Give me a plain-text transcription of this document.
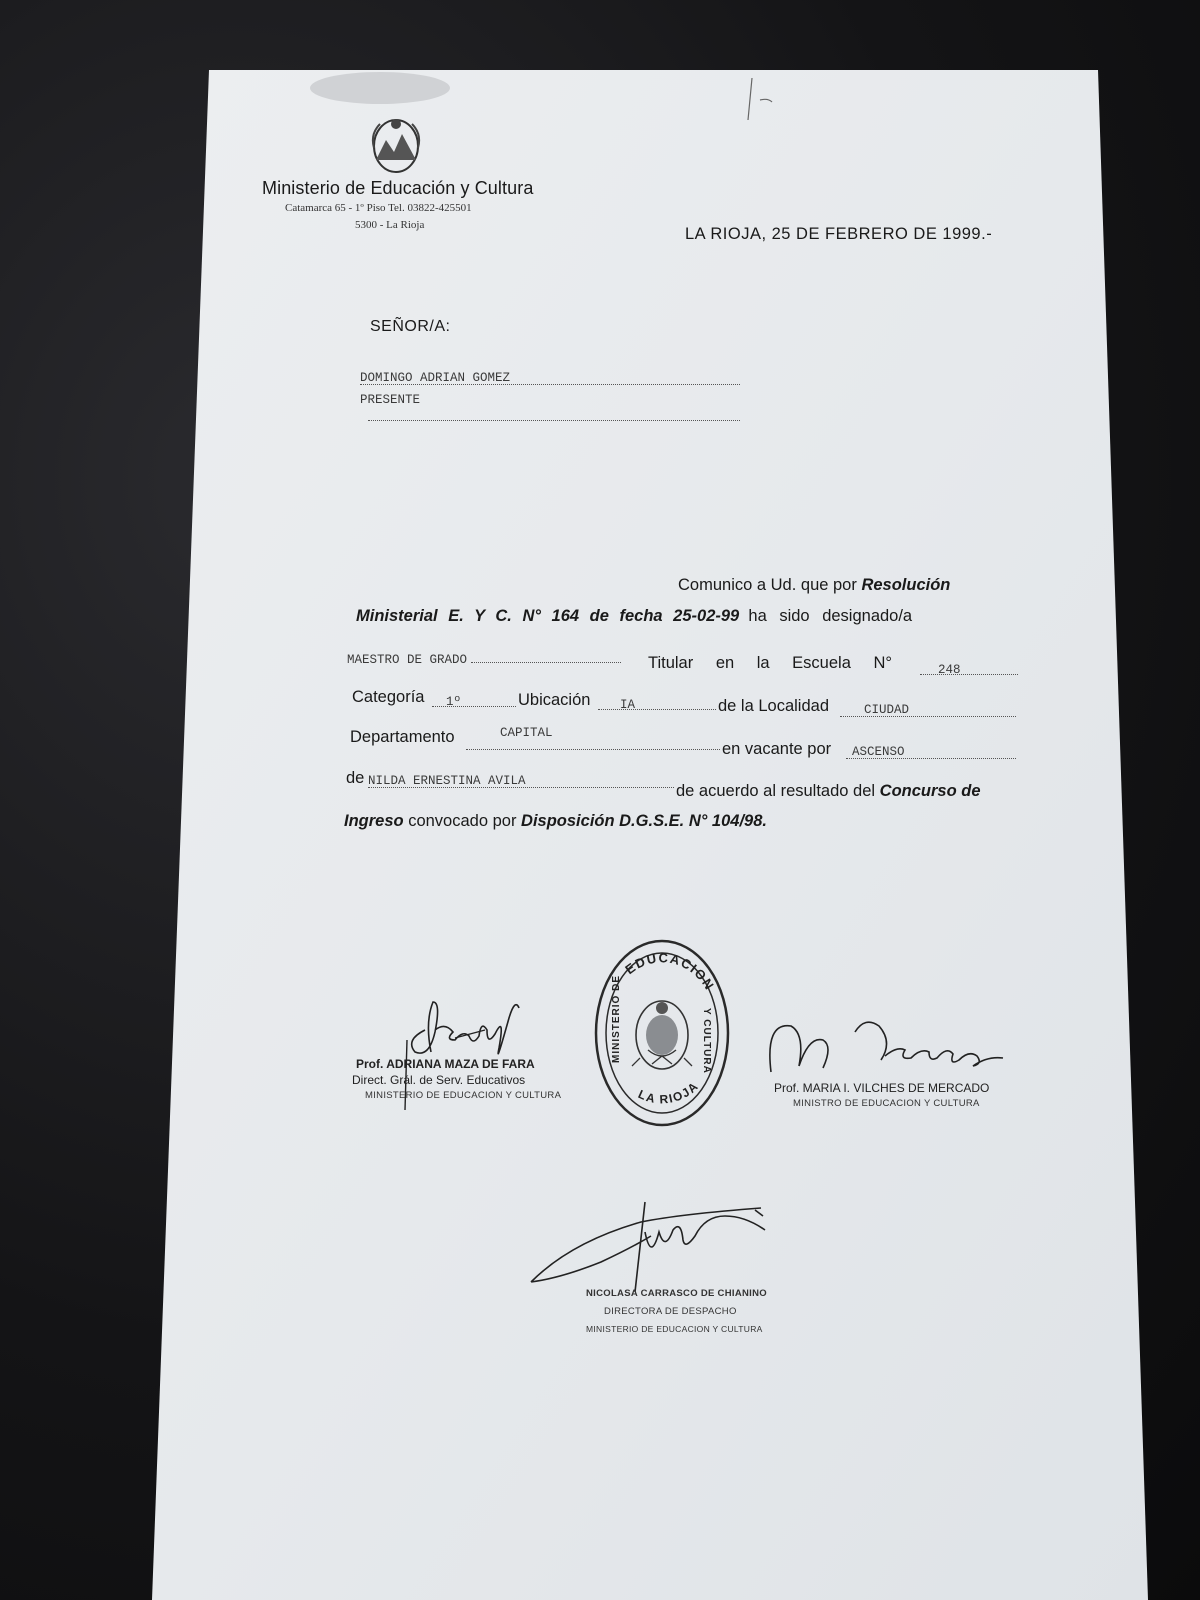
Ministerio de Educación y Cultura
Catamarca 65 - 1º Piso Tel. 03822-425501
5300 - La Rioja	LA RIOJA, 25 DE FEBRERO DE 1999.-
SEÑOR/A:
DOMINGO ADRIAN GOMEZ
PRESENTE
Comunico a Ud. que por Resolución
Ministerial E. Y C. N° 164 de fecha 25-02-99 ha sido designado/a
MAESTRO DE GRADO	Titular en la Escuela N°	248
Categoría	1º	Ubicación	IA	de la Localidad	CIUDAD
Departamento	$^{CAPITAL}$
en vacante por	ASCENSO
de NILDA ERNESTINA AVILA
de acuerdo al resultado del Concurso de
Ingreso convocado por Disposición D.G.S.E. N° 104/98.
Prof. ADRIANA MAZA DE FARA
Direct. Grál. de Serv. Educativos
MINISTERIO DE EDUCACION Y CULTURA
EDUCACION
LA RIOJA
MINISTERIO DE	Y CULTURA
Prof. MARIA I. VILCHES DE MERCADO
MINISTRO DE EDUCACION Y CULTURA
NICOLASA CARRASCO DE CHIANINO
DIRECTORA DE DESPACHO
MINISTERIO DE EDUCACION Y CULTURA
